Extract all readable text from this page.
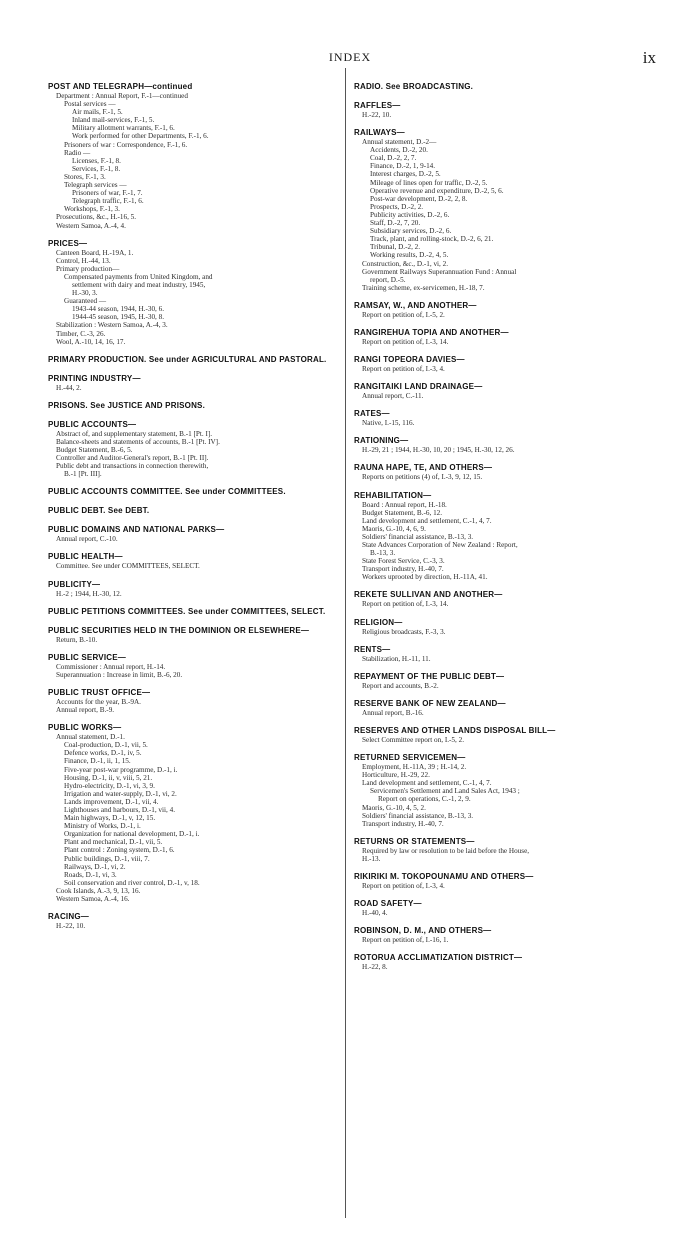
INDEX	ix
POST AND TELEGRAPH—continued
Department : Annual Report, F.-1—continued
Postal services —
Air mails, F.-1, 5.
Inland mail-services, F.-1, 5.
Military allotment warrants, F.-1, 6.
Work performed for other Departments, F.-1, 6.
Prisoners of war : Correspondence, F.-1, 6.
Radio —
Licenses, F.-1, 8.
Services, F.-1, 8.
Stores, F.-1, 3.
Telegraph services —
Prisoners of war, F.-1, 7.
Telegraph traffic, F.-1, 6.
Workshops, F.-1, 3.
Prosecutions, &c., H.-16, 5.
Western Samoa, A.-4, 4.
PRICES—
Canteen Board, H.-19A, 1.
Control, H.-44, 13.
Primary production—
Compensated payments from United Kingdom, and
settlement with dairy and meat industry, 1945,
H.-30, 3.
Guaranteed —
1943-44 season, 1944, H.-30, 6.
1944-45 season, 1945, H.-30, 8.
Stabilization : Western Samoa, A.-4, 3.
Timber, C.-3, 26.
Wool, A.-10, 14, 16, 17.
PRIMARY PRODUCTION. See under AGRICULTURAL AND PASTORAL.
PRINTING INDUSTRY—
H.-44, 2.
PRISONS. See JUSTICE AND PRISONS.
PUBLIC ACCOUNTS—
Abstract of, and supplementary statement, B.-1 [Pt. I].
Balance-sheets and statements of accounts, B.-1 [Pt. IV].
Budget Statement, B.-6, 5.
Controller and Auditor-General's report, B.-1 [Pt. II].
Public debt and transactions in connection therewith,
B.-1 [Pt. III].
PUBLIC ACCOUNTS COMMITTEE. See under COMMITTEES.
PUBLIC DEBT. See DEBT.
PUBLIC DOMAINS AND NATIONAL PARKS—
Annual report, C.-10.
PUBLIC HEALTH—
Committee. See under COMMITTEES, SELECT.
PUBLICITY—
H.-2 ; 1944, H.-30, 12.
PUBLIC PETITIONS COMMITTEES. See under COMMITTEES, SELECT.
PUBLIC SECURITIES HELD IN THE DOMINION OR ELSEWHERE—
Return, B.-10.
PUBLIC SERVICE—
Commissioner : Annual report, H.-14.
Superannuation : Increase in limit, B.-6, 20.
PUBLIC TRUST OFFICE—
Accounts for the year, B.-9A.
Annual report, B.-9.
PUBLIC WORKS—
Annual statement, D.-1.
Coal-production, D.-1, vii, 5.
Defence works, D.-1, iv, 5.
Finance, D.-1, ii, 1, 15.
Five-year post-war programme, D.-1, i.
Housing, D.-1, ii, v, viii, 5, 21.
Hydro-electricity, D.-1, vi, 3, 9.
Irrigation and water-supply, D.-1, vi, 2.
Lands improvement, D.-1, vii, 4.
Lighthouses and harbours, D.-1, vii, 4.
Main highways, D.-1, v, 12, 15.
Ministry of Works, D.-1, i.
Organization for national development, D.-1, i.
Plant and mechanical, D.-1, vii, 5.
Plant control : Zoning system, D.-1, 6.
Public buildings, D.-1, viii, 7.
Railways, D.-1, vi, 2.
Roads, D.-1, vi, 3.
Soil conservation and river control, D.-1, v, 18.
Cook Islands, A.-3, 9, 13, 16.
Western Samoa, A.-4, 16.
RACING—
H.-22, 10.
RADIO. See BROADCASTING.
RAFFLES—
H.-22, 10.
RAILWAYS—
Annual statement, D.-2—
Accidents, D.-2, 20.
Coal, D.-2, 2, 7.
Finance, D.-2, 1, 9-14.
Interest charges, D.-2, 5.
Mileage of lines open for traffic, D.-2, 5.
Operative revenue and expenditure, D.-2, 5, 6.
Post-war development, D.-2, 2, 8.
Prospects, D.-2, 2.
Publicity activities, D.-2, 6.
Staff, D.-2, 7, 20.
Subsidiary services, D.-2, 6.
Track, plant, and rolling-stock, D.-2, 6, 21.
Tribunal, D.-2, 2.
Working results, D.-2, 4, 5.
Construction, &c., D.-1, vi, 2.
Government Railways Superannuation Fund : Annual
report, D.-5.
Training scheme, ex-servicemen, H.-18, 7.
RAMSAY, W., AND ANOTHER—
Report on petition of, I.-5, 2.
RANGIREHUA TOPIA AND ANOTHER—
Report on petition of, I.-3, 14.
RANGI TOPEORA DAVIES—
Report on petition of, I.-3, 4.
RANGITAIKI LAND DRAINAGE—
Annual report, C.-11.
RATES—
Native, I.-15, 116.
RATIONING—
H.-29, 21 ; 1944, H.-30, 10, 20 ; 1945, H.-30, 12, 26.
RAUNA HAPE, TE, AND OTHERS—
Reports on petitions (4) of, I.-3, 9, 12, 15.
REHABILITATION—
Board : Annual report, H.-18.
Budget Statement, B.-6, 12.
Land development and settlement, C.-1, 4, 7.
Maoris, G.-10, 4, 6, 9.
Soldiers' financial assistance, B.-13, 3.
State Advances Corporation of New Zealand : Report,
B.-13, 3.
State Forest Service, C.-3, 3.
Transport industry, H.-40, 7.
Workers uprooted by direction, H.-11A, 41.
REKETE SULLIVAN AND ANOTHER—
Report on petition of, I.-3, 14.
RELIGION—
Religious broadcasts, F.-3, 3.
RENTS—
Stabilization, H.-11, 11.
REPAYMENT OF THE PUBLIC DEBT—
Report and accounts, B.-2.
RESERVE BANK OF NEW ZEALAND—
Annual report, B.-16.
RESERVES AND OTHER LANDS DISPOSAL BILL—
Select Committee report on, I.-5, 2.
RETURNED SERVICEMEN—
Employment, H.-11A, 39 ; H.-14, 2.
Horticulture, H.-29, 22.
Land development and settlement, C.-1, 4, 7.
Servicemen's Settlement and Land Sales Act, 1943 ;
Report on operations, C.-1, 2, 9.
Maoris, G.-10, 4, 5, 2.
Soldiers' financial assistance, B.-13, 3.
Transport industry, H.-40, 7.
RETURNS OR STATEMENTS—
Required by law or resolution to be laid before the House,
H.-13.
RIKIRIKI M. TOKOPOUNAMU AND OTHERS—
Report on petition of, I.-3, 4.
ROAD SAFETY—
H.-40, 4.
ROBINSON, D. M., AND OTHERS—
Report on petition of, I.-16, 1.
ROTORUA ACCLIMATIZATION DISTRICT—
H.-22, 8.
